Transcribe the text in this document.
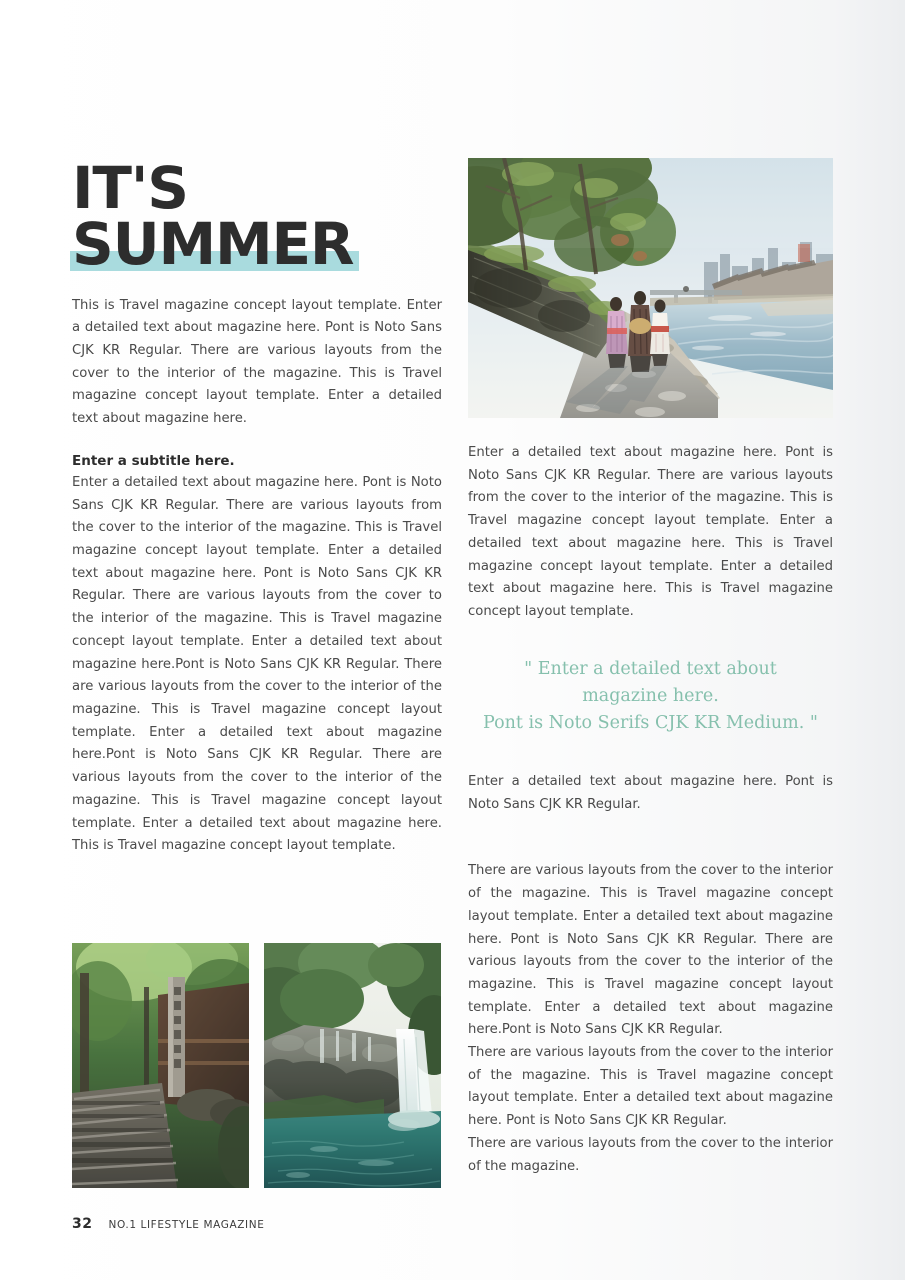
IT'S
SUMMER

This is Travel magazine concept layout template. Enter a detailed text about magazine here. Pont is Noto Sans CJK KR Regular. There are various layouts from the cover to the interior of the magazine. This is Travel magazine concept layout template. Enter a detailed text about magazine here.

Enter a subtitle here.

Enter a detailed text about magazine here. Pont is Noto Sans CJK KR Regular. There are various layouts from the cover to the interior of the magazine. This is Travel magazine concept layout template. Enter a detailed text about magazine here. Pont is Noto Sans CJK KR Regular. There are various layouts from the cover to the interior of the magazine. This is Travel magazine concept layout template. Enter a detailed text about magazine here.Pont is Noto Sans CJK KR Regular. There are various layouts from the cover to the interior of the magazine. This is Travel magazine concept layout template. Enter a detailed text about magazine here.Pont is Noto Sans CJK KR Regular. There are various layouts from the cover to the interior of the magazine. This is Travel magazine concept layout template. Enter a detailed text about magazine here. This is Travel magazine concept layout template.

Enter a detailed text about magazine here. Pont is Noto Sans CJK KR Regular. There are various layouts from the cover to the interior of the magazine. This is Travel magazine concept layout template. Enter a detailed text about magazine here. This is Travel magazine concept layout template. Enter a detailed text about magazine here. This is Travel magazine concept layout template.

" Enter a detailed text about
magazine here.
Pont is Noto Serifs CJK KR Medium. "

Enter a detailed text about magazine here. Pont is Noto Sans CJK KR Regular.

There are various layouts from the cover to the interior of the magazine. This is Travel magazine concept layout template. Enter a detailed text about magazine here. Pont is Noto Sans CJK KR Regular. There are various layouts from the cover to the interior of the magazine. This is Travel magazine concept layout template. Enter a detailed text about magazine here.Pont is Noto Sans CJK KR Regular.

There are various layouts from the cover to the interior of the magazine. This is Travel magazine concept layout template. Enter a detailed text about magazine here. Pont is Noto Sans CJK KR Regular.

There are various layouts from the cover to the interior of the magazine.

32 NO.1 LIFESTYLE MAGAZINE
